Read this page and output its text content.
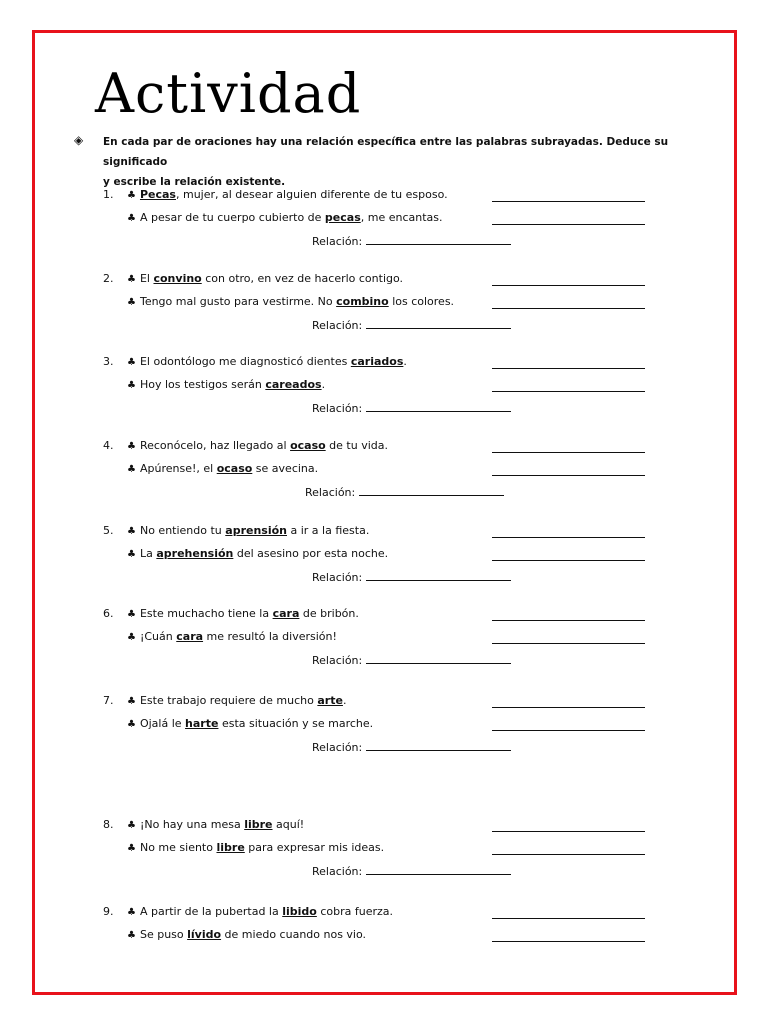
Actividad
◈ En cada par de oraciones hay una relación específica entre las palabras subrayadas. Deduce su significado
y escribe la relación existente.
1. ♣ Pecas, mujer, al desear alguien diferente de tu esposo.
♣ A pesar de tu cuerpo cubierto de pecas, me encantas.
Relación:
2. ♣ El convino con otro, en vez de hacerlo contigo.
♣ Tengo mal gusto para vestirme. No combino los colores.
Relación:
3. ♣ El odontólogo me diagnosticó dientes cariados.
♣ Hoy los testigos serán careados.
Relación:
4. ♣ Reconócelo, haz llegado al ocaso de tu vida.
♣ Apúrense!, el ocaso se avecina.
Relación:
5. ♣ No entiendo tu aprensión a ir a la fiesta.
♣ La aprehensión del asesino por esta noche.
Relación:
6. ♣ Este muchacho tiene la cara de bribón.
♣ ¡Cuán cara me resultó la diversión!
Relación:
7. ♣ Este trabajo requiere de mucho arte.
♣ Ojalá le harte esta situación y se marche.
Relación:
8. ♣ ¡No hay una mesa libre aquí!
♣ No me siento libre para expresar mis ideas.
Relación:
9. ♣ A partir de la pubertad la libido cobra fuerza.
♣ Se puso lívido de miedo cuando nos vio.
